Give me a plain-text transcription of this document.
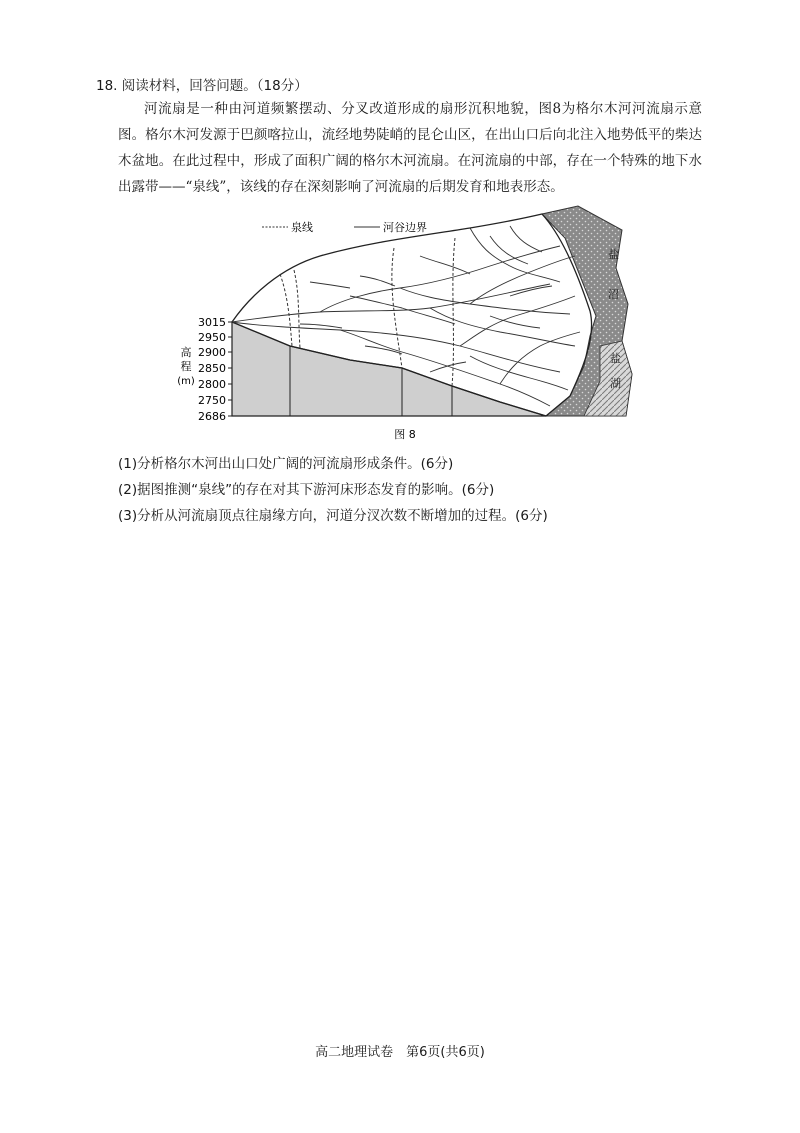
18. 阅读材料，回答问题。（18分）

河流扇是一种由河道频繁摆动、分叉改道形成的扇形沉积地貌，图8为格尔木河河流扇示意图。格尔木河发源于巴颜喀拉山，流经地势陡峭的昆仑山区，在出山口后向北注入地势低平的柴达木盆地。在此过程中，形成了面积广阔的格尔木河流扇。在河流扇的中部，存在一个特殊的地下水出露带——“泉线”，该线的存在深刻影响了河流扇的后期发育和地表形态。

泉线	河谷边界
盐
沼
盐
湖
3015
2950
2900
2850
2800
2750
2686
高
程
(m)
图 8
(1)分析格尔木河出山口处广阔的河流扇形成条件。(6分)
(2)据图推测“泉线”的存在对其下游河床形态发育的影响。(6分)
(3)分析从河流扇顶点往扇缘方向，河道分汊次数不断增加的过程。(6分)
高二地理试卷　第6页(共6页)
